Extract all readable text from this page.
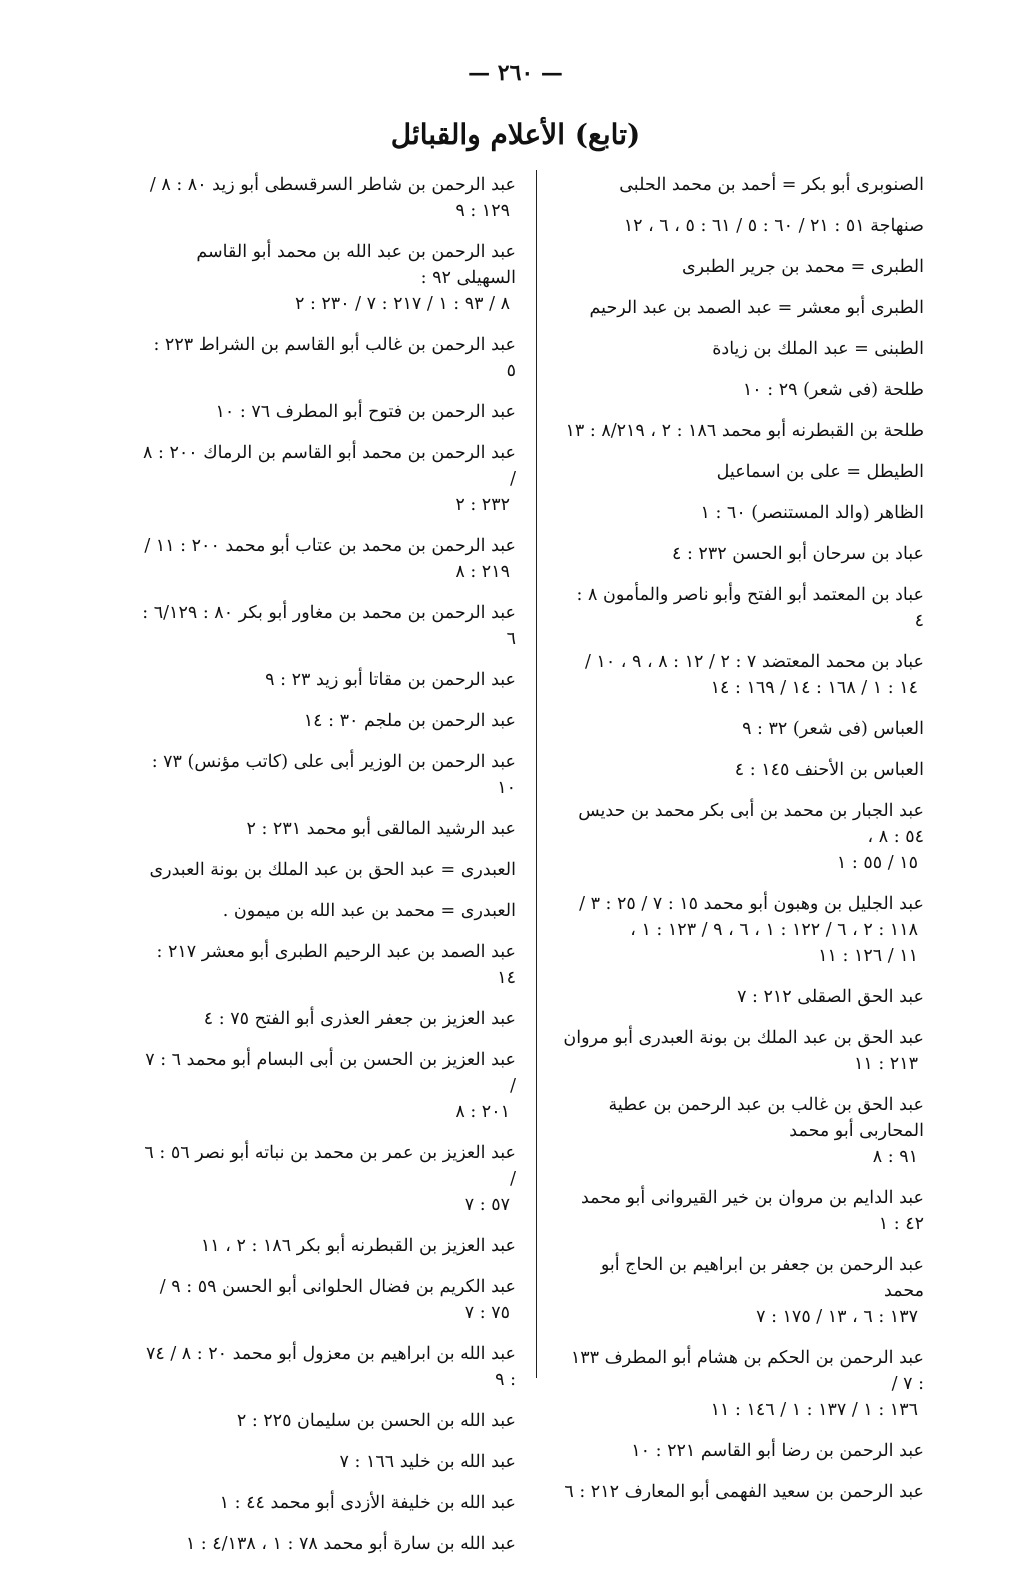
— ٢٦٠ —
(تابع) الأعلام والقبائل
الصنوبرى أبو بكر = أحمد بن محمد الحلبى
صنهاجة ٥١ : ٢١ / ٦٠ : ٥ / ٦١ : ٥ ، ٦ ، ١٢
الطبرى = محمد بن جرير الطبرى
الطبرى أبو معشر = عبد الصمد بن عبد الرحيم
الطبنى = عبد الملك بن زيادة
طلحة (فى شعر) ٢٩ : ١٠
طلحة بن القبطرنه أبو محمد ١٨٦ : ٢ ، ٨/٢١٩ : ١٣
الطيطل = على بن اسماعيل
الظاهر (والد المستنصر) ٦٠ : ١
عباد بن سرحان أبو الحسن ٢٣٢ : ٤
عباد بن المعتمد أبو الفتح وأبو ناصر والمأمون ٨ : ٤
عباد بن محمد المعتضد ٧ : ٢ / ١٢ : ٨ ، ٩ ، ١٠ /
١٤ : ١ / ١٦٨ : ١٤ / ١٦٩ : ١٤
العباس (فى شعر) ٣٢ : ٩
العباس بن الأحنف ١٤٥ : ٤
عبد الجبار بن محمد بن أبى بكر محمد بن حديس ٥٤ : ٨ ،
١٥ / ٥٥ : ١
عبد الجليل بن وهبون أبو محمد ١٥ : ٧ / ٢٥ : ٣ /
١١٨ : ٢ ، ٦ / ١٢٢ : ١ ، ٦ ، ٩ / ١٢٣ : ١ ،
١١ / ١٢٦ : ١١
عبد الحق الصقلى ٢١٢ : ٧
عبد الحق بن عبد الملك بن بونة العبدرى أبو مروان
٢١٣ : ١١
عبد الحق بن غالب بن عبد الرحمن بن عطية المحاربى أبو محمد
٩١ : ٨
عبد الدايم بن مروان بن خير القيروانى أبو محمد ٤٢ : ١
عبد الرحمن بن جعفر بن ابراهيم بن الحاج أبو محمد
١٣٧ : ٦ ، ١٣ / ١٧٥ : ٧
عبد الرحمن بن الحكم بن هشام أبو المطرف ١٣٣ : ٧ /
١٣٦ : ١ / ١٣٧ : ١ / ١٤٦ : ١١
عبد الرحمن بن رضا أبو القاسم ٢٢١ : ١٠
عبد الرحمن بن سعيد الفهمى أبو المعارف ٢١٢ : ٦
عبد الرحمن بن شاطر السرقسطى أبو زيد ٨٠ : ٨ /
١٢٩ : ٩
عبد الرحمن بن عبد الله بن محمد أبو القاسم السهيلى ٩٢ :
٨ / ٩٣ : ١ / ٢١٧ : ٧ / ٢٣٠ : ٢
عبد الرحمن بن غالب أبو القاسم بن الشراط ٢٢٣ : ٥
عبد الرحمن بن فتوح أبو المطرف ٧٦ : ١٠
عبد الرحمن بن محمد أبو القاسم بن الرماك ٢٠٠ : ٨ /
٢٣٢ : ٢
عبد الرحمن بن محمد بن عتاب أبو محمد ٢٠٠ : ١١ /
٢١٩ : ٨
عبد الرحمن بن محمد بن مغاور أبو بكر ٨٠ : ٦/١٢٩ : ٦
عبد الرحمن بن مقاتا أبو زيد ٢٣ : ٩
عبد الرحمن بن ملجم ٣٠ : ١٤
عبد الرحمن بن الوزير أبى على (كاتب مؤنس) ٧٣ : ١٠
عبد الرشيد المالقى أبو محمد ٢٣١ : ٢
العبدرى = عبد الحق بن عبد الملك بن بونة العبدرى
العبدرى = محمد بن عبد الله بن ميمون .
عبد الصمد بن عبد الرحيم الطبرى أبو معشر ٢١٧ : ١٤
عبد العزيز بن جعفر العذرى أبو الفتح ٧٥ : ٤
عبد العزيز بن الحسن بن أبى البسام أبو محمد ٦ : ٧ /
٢٠١ : ٨
عبد العزيز بن عمر بن محمد بن نباته أبو نصر ٥٦ : ٦ /
٥٧ : ٧
عبد العزيز بن القبطرنه أبو بكر ١٨٦ : ٢ ، ١١
عبد الكريم بن فضال الحلوانى أبو الحسن ٥٩ : ٩ /
٧٥ : ٧
عبد الله بن ابراهيم بن معزول أبو محمد ٢٠ : ٨ / ٧٤ : ٩
عبد الله بن الحسن بن سليمان ٢٢٥ : ٢
عبد الله بن خليد ١٦٦ : ٧
عبد الله بن خليفة الأزدى أبو محمد ٤٤ : ١
عبد الله بن سارة أبو محمد ٧٨ : ١ ، ٤/١٣٨ : ١
